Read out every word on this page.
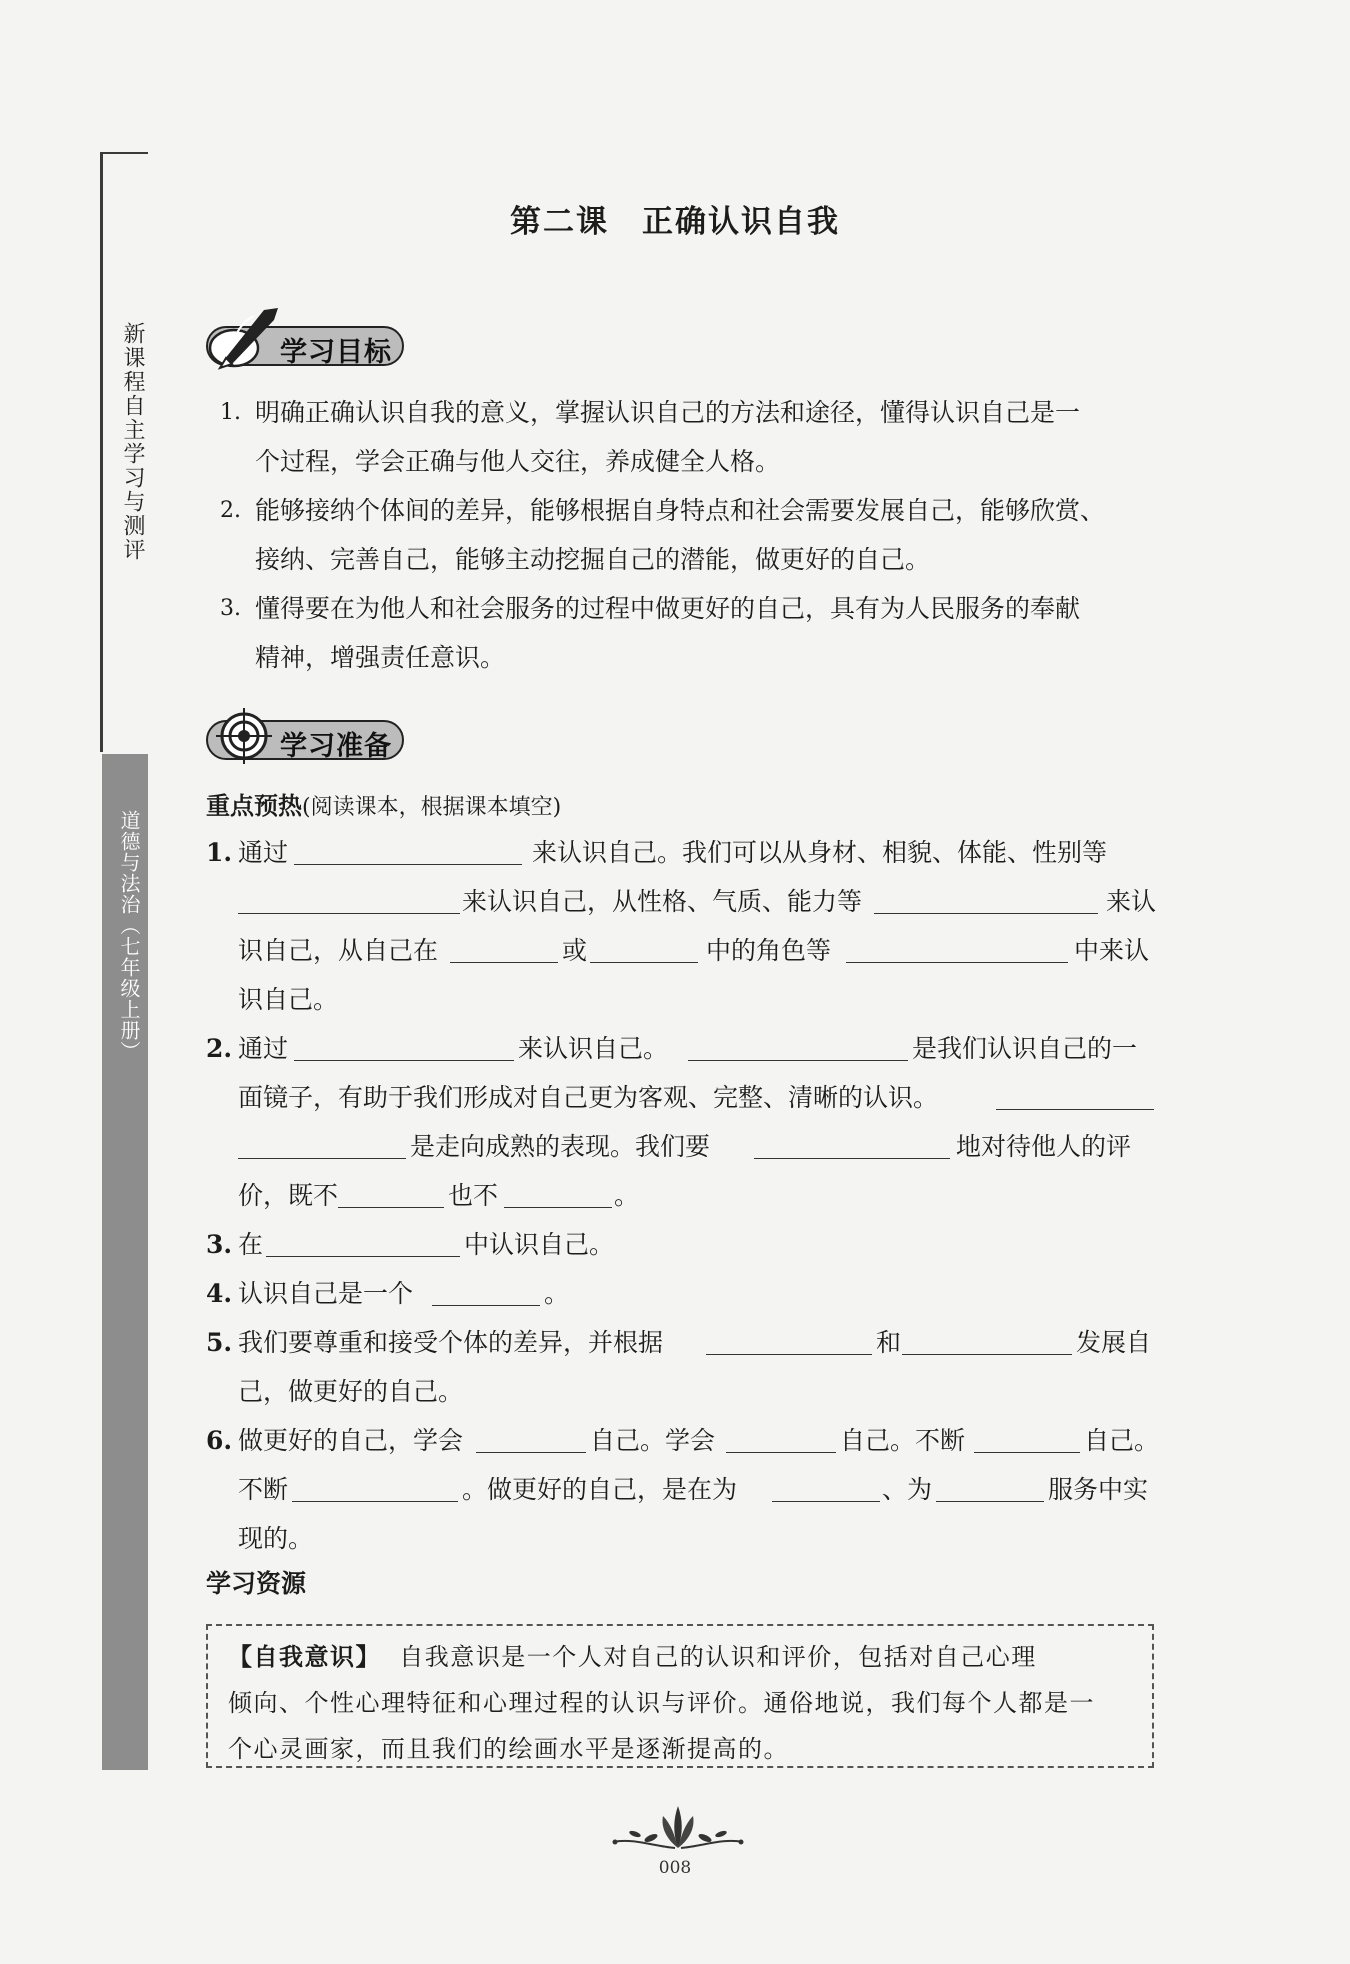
新课程自主学习与测评
道德与法治（七年级上册）
第二课　正确认识自我
学习目标
1. 明确正确认识自我的意义，掌握认识自己的方法和途径，懂得认识自己是一
个过程，学会正确与他人交往，养成健全人格。
2. 能够接纳个体间的差异，能够根据自身特点和社会需要发展自己，能够欣赏、
接纳、完善自己，能够主动挖掘自己的潜能，做更好的自己。
3. 懂得要在为他人和社会服务的过程中做更好的自己，具有为人民服务的奉献
精神，增强责任意识。
学习准备
重点预热(阅读课本，根据课本填空)
1. 通过	来认识自己。我们可以从身材、相貌、体能、性别等
来认识自己，从性格、气质、能力等	来认
识自己，从自己在	或	中的角色等	中来认
识自己。
2. 通过	来认识自己。	是我们认识自己的一
面镜子，有助于我们形成对自己更为客观、完整、清晰的认识。
是走向成熟的表现。我们要	地对待他人的评
价，既不	也不	。
3. 在	中认识自己。
4. 认识自己是一个	。
5. 我们要尊重和接受个体的差异，并根据	和	发展自
己，做更好的自己。
6. 做更好的自己，学会	自己。学会	自己。不断	自己。
不断	。做更好的自己，是在为	、为	服务中实
现的。
学习资源
【自我意识】 自我意识是一个人对自己的认识和评价，包括对自己心理
倾向、个性心理特征和心理过程的认识与评价。通俗地说，我们每个人都是一
个心灵画家，而且我们的绘画水平是逐渐提高的。
008
